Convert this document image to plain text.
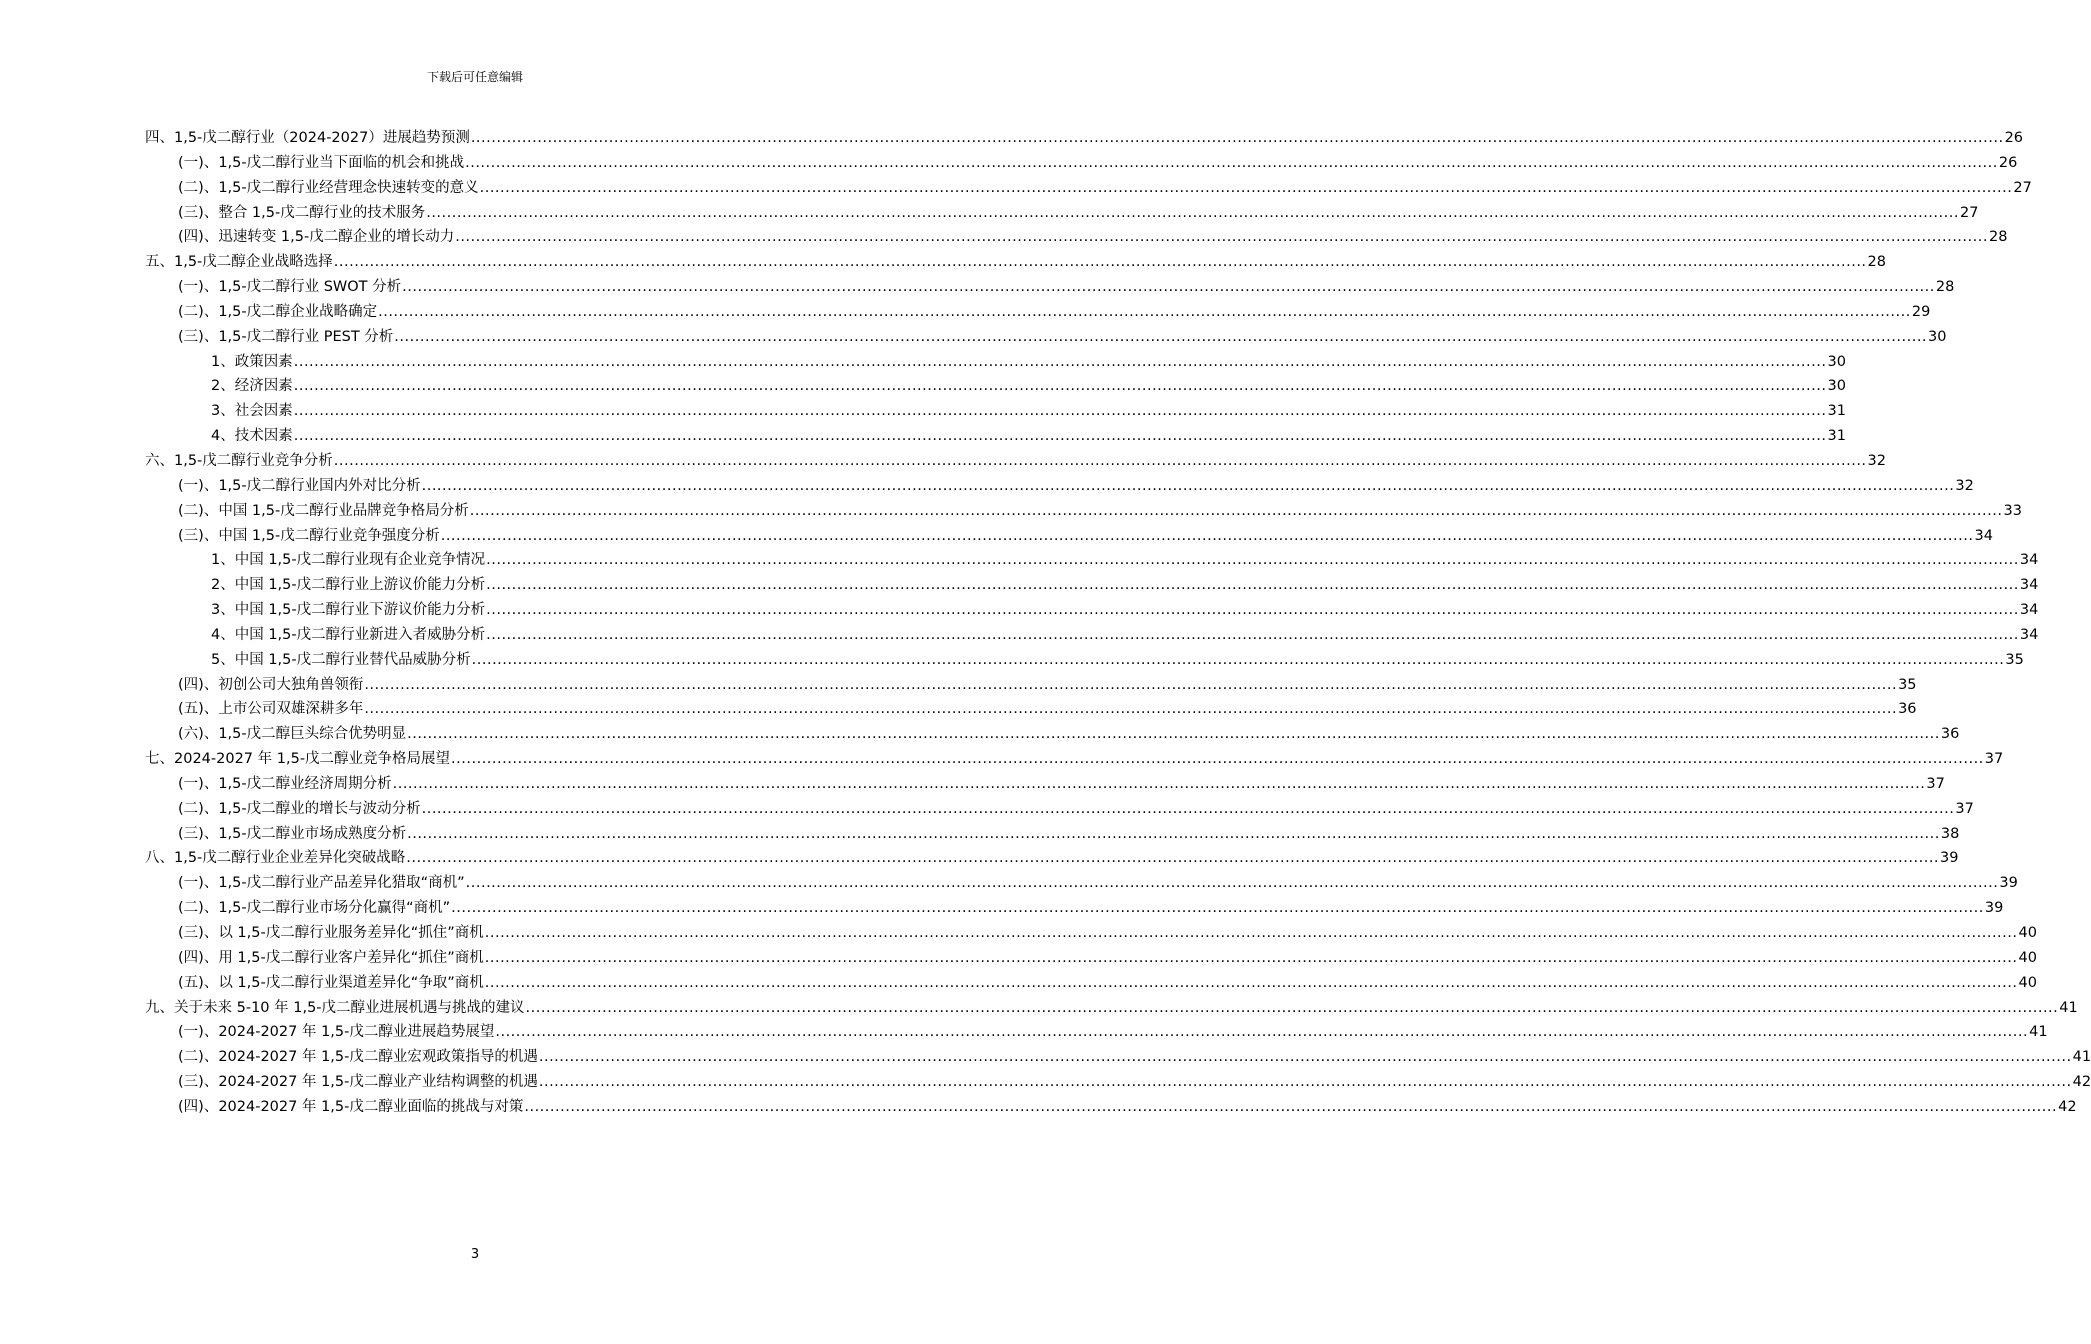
下载后可任意编辑
四、1,5-戊二醇行业（2024-2027）进展趋势预测 ............................................................................................................................................................................................................................................................................................................ 26
(一)、1,5-戊二醇行业当下面临的机会和挑战 ............................................................................................................................................................................................................................................................................................................ 26
(二)、1,5-戊二醇行业经营理念快速转变的意义 ............................................................................................................................................................................................................................................................................................................ 27
(三)、整合 1,5-戊二醇行业的技术服务 ............................................................................................................................................................................................................................................................................................................ 27
(四)、迅速转变 1,5-戊二醇企业的增长动力 ............................................................................................................................................................................................................................................................................................................ 28
五、1,5-戊二醇企业战略选择 ............................................................................................................................................................................................................................................................................................................ 28
(一)、1,5-戊二醇行业 SWOT 分析 ............................................................................................................................................................................................................................................................................................................ 28
(二)、1,5-戊二醇企业战略确定 ............................................................................................................................................................................................................................................................................................................ 29
(三)、1,5-戊二醇行业 PEST 分析 ............................................................................................................................................................................................................................................................................................................ 30
1、政策因素 ............................................................................................................................................................................................................................................................................................................ 30
2、经济因素 ............................................................................................................................................................................................................................................................................................................ 30
3、社会因素 ............................................................................................................................................................................................................................................................................................................ 31
4、技术因素 ............................................................................................................................................................................................................................................................................................................ 31
六、1,5-戊二醇行业竞争分析 ............................................................................................................................................................................................................................................................................................................ 32
(一)、1,5-戊二醇行业国内外对比分析 ............................................................................................................................................................................................................................................................................................................ 32
(二)、中国 1,5-戊二醇行业品牌竞争格局分析 ............................................................................................................................................................................................................................................................................................................ 33
(三)、中国 1,5-戊二醇行业竞争强度分析 ............................................................................................................................................................................................................................................................................................................ 34
1、中国 1,5-戊二醇行业现有企业竞争情况 ............................................................................................................................................................................................................................................................................................................ 34
2、中国 1,5-戊二醇行业上游议价能力分析 ............................................................................................................................................................................................................................................................................................................ 34
3、中国 1,5-戊二醇行业下游议价能力分析 ............................................................................................................................................................................................................................................................................................................ 34
4、中国 1,5-戊二醇行业新进入者威胁分析 ............................................................................................................................................................................................................................................................................................................ 34
5、中国 1,5-戊二醇行业替代品威胁分析 ............................................................................................................................................................................................................................................................................................................ 35
(四)、初创公司大独角兽领衔 ............................................................................................................................................................................................................................................................................................................ 35
(五)、上市公司双雄深耕多年 ............................................................................................................................................................................................................................................................................................................ 36
(六)、1,5-戊二醇巨头综合优势明显 ............................................................................................................................................................................................................................................................................................................ 36
七、2024-2027 年 1,5-戊二醇业竞争格局展望 ............................................................................................................................................................................................................................................................................................................ 37
(一)、1,5-戊二醇业经济周期分析 ............................................................................................................................................................................................................................................................................................................ 37
(二)、1,5-戊二醇业的增长与波动分析 ............................................................................................................................................................................................................................................................................................................ 37
(三)、1,5-戊二醇业市场成熟度分析 ............................................................................................................................................................................................................................................................................................................ 38
八、1,5-戊二醇行业企业差异化突破战略 ............................................................................................................................................................................................................................................................................................................ 39
(一)、1,5-戊二醇行业产品差异化猎取“商机” ............................................................................................................................................................................................................................................................................................................ 39
(二)、1,5-戊二醇行业市场分化赢得“商机” ............................................................................................................................................................................................................................................................................................................ 39
(三)、以 1,5-戊二醇行业服务差异化“抓住”商机 ............................................................................................................................................................................................................................................................................................................ 40
(四)、用 1,5-戊二醇行业客户差异化“抓住”商机 ............................................................................................................................................................................................................................................................................................................ 40
(五)、以 1,5-戊二醇行业渠道差异化“争取”商机 ............................................................................................................................................................................................................................................................................................................ 40
九、关于未来 5-10 年 1,5-戊二醇业进展机遇与挑战的建议 ............................................................................................................................................................................................................................................................................................................ 41
(一)、2024-2027 年 1,5-戊二醇业进展趋势展望 ............................................................................................................................................................................................................................................................................................................ 41
(二)、2024-2027 年 1,5-戊二醇业宏观政策指导的机遇 ............................................................................................................................................................................................................................................................................................................ 41
(三)、2024-2027 年 1,5-戊二醇业产业结构调整的机遇 ............................................................................................................................................................................................................................................................................................................ 42
(四)、2024-2027 年 1,5-戊二醇业面临的挑战与对策 ............................................................................................................................................................................................................................................................................................................ 42
3
